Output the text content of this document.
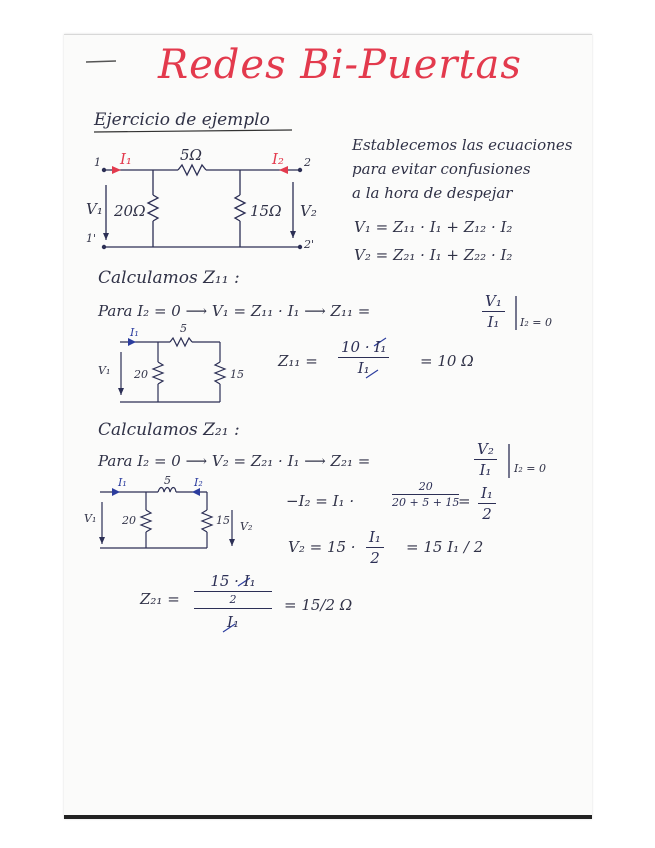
Redes Bi-Puertas
Ejercicio de ejemplo
Establecemos las ecuaciones
para evitar confusiones
a la hora de despejar
V₁ = Z₁₁ · I₁ + Z₁₂ · I₂
V₂ = Z₂₁ · I₁ + Z₂₂ · I₂
1 I₁	5Ω	I₂ 2
V₁ 20Ω	15Ω V₂
1'	2'
Calculamos Z₁₁ :
Para I₂ = 0 ⟶ V₁ = Z₁₁ · I₁ ⟶ Z₁₁ =	$\frac{\text{V₁}}{\text{I₁}} I_2 = 0$
I₁	5
V₁ 20	15
$Z_{11} = \frac{\text{10 · I₁}}{\text{I₁}} = 10$ Ω
Calculamos Z₂₁ :
Para I₂ = 0 ⟶ V₂ = Z₂₁ · I₁ ⟶ Z₂₁ =	$\frac{\text{V₂}}{\text{I₁}} I_2 = 0$
I₁	5 I₂
V₁ 20	15 V₂
−I₂ = I₁ ·	$\frac{20}{20 + 5 + 15}$
= $\frac{\text{I₁}}{2}$
$V_2 = 15 \cdot \frac{\text{I₁}}{2} = 15$ I₁ / 2
Z₂₁ =
15 · I₁
2
I₁
= 15/2 Ω
